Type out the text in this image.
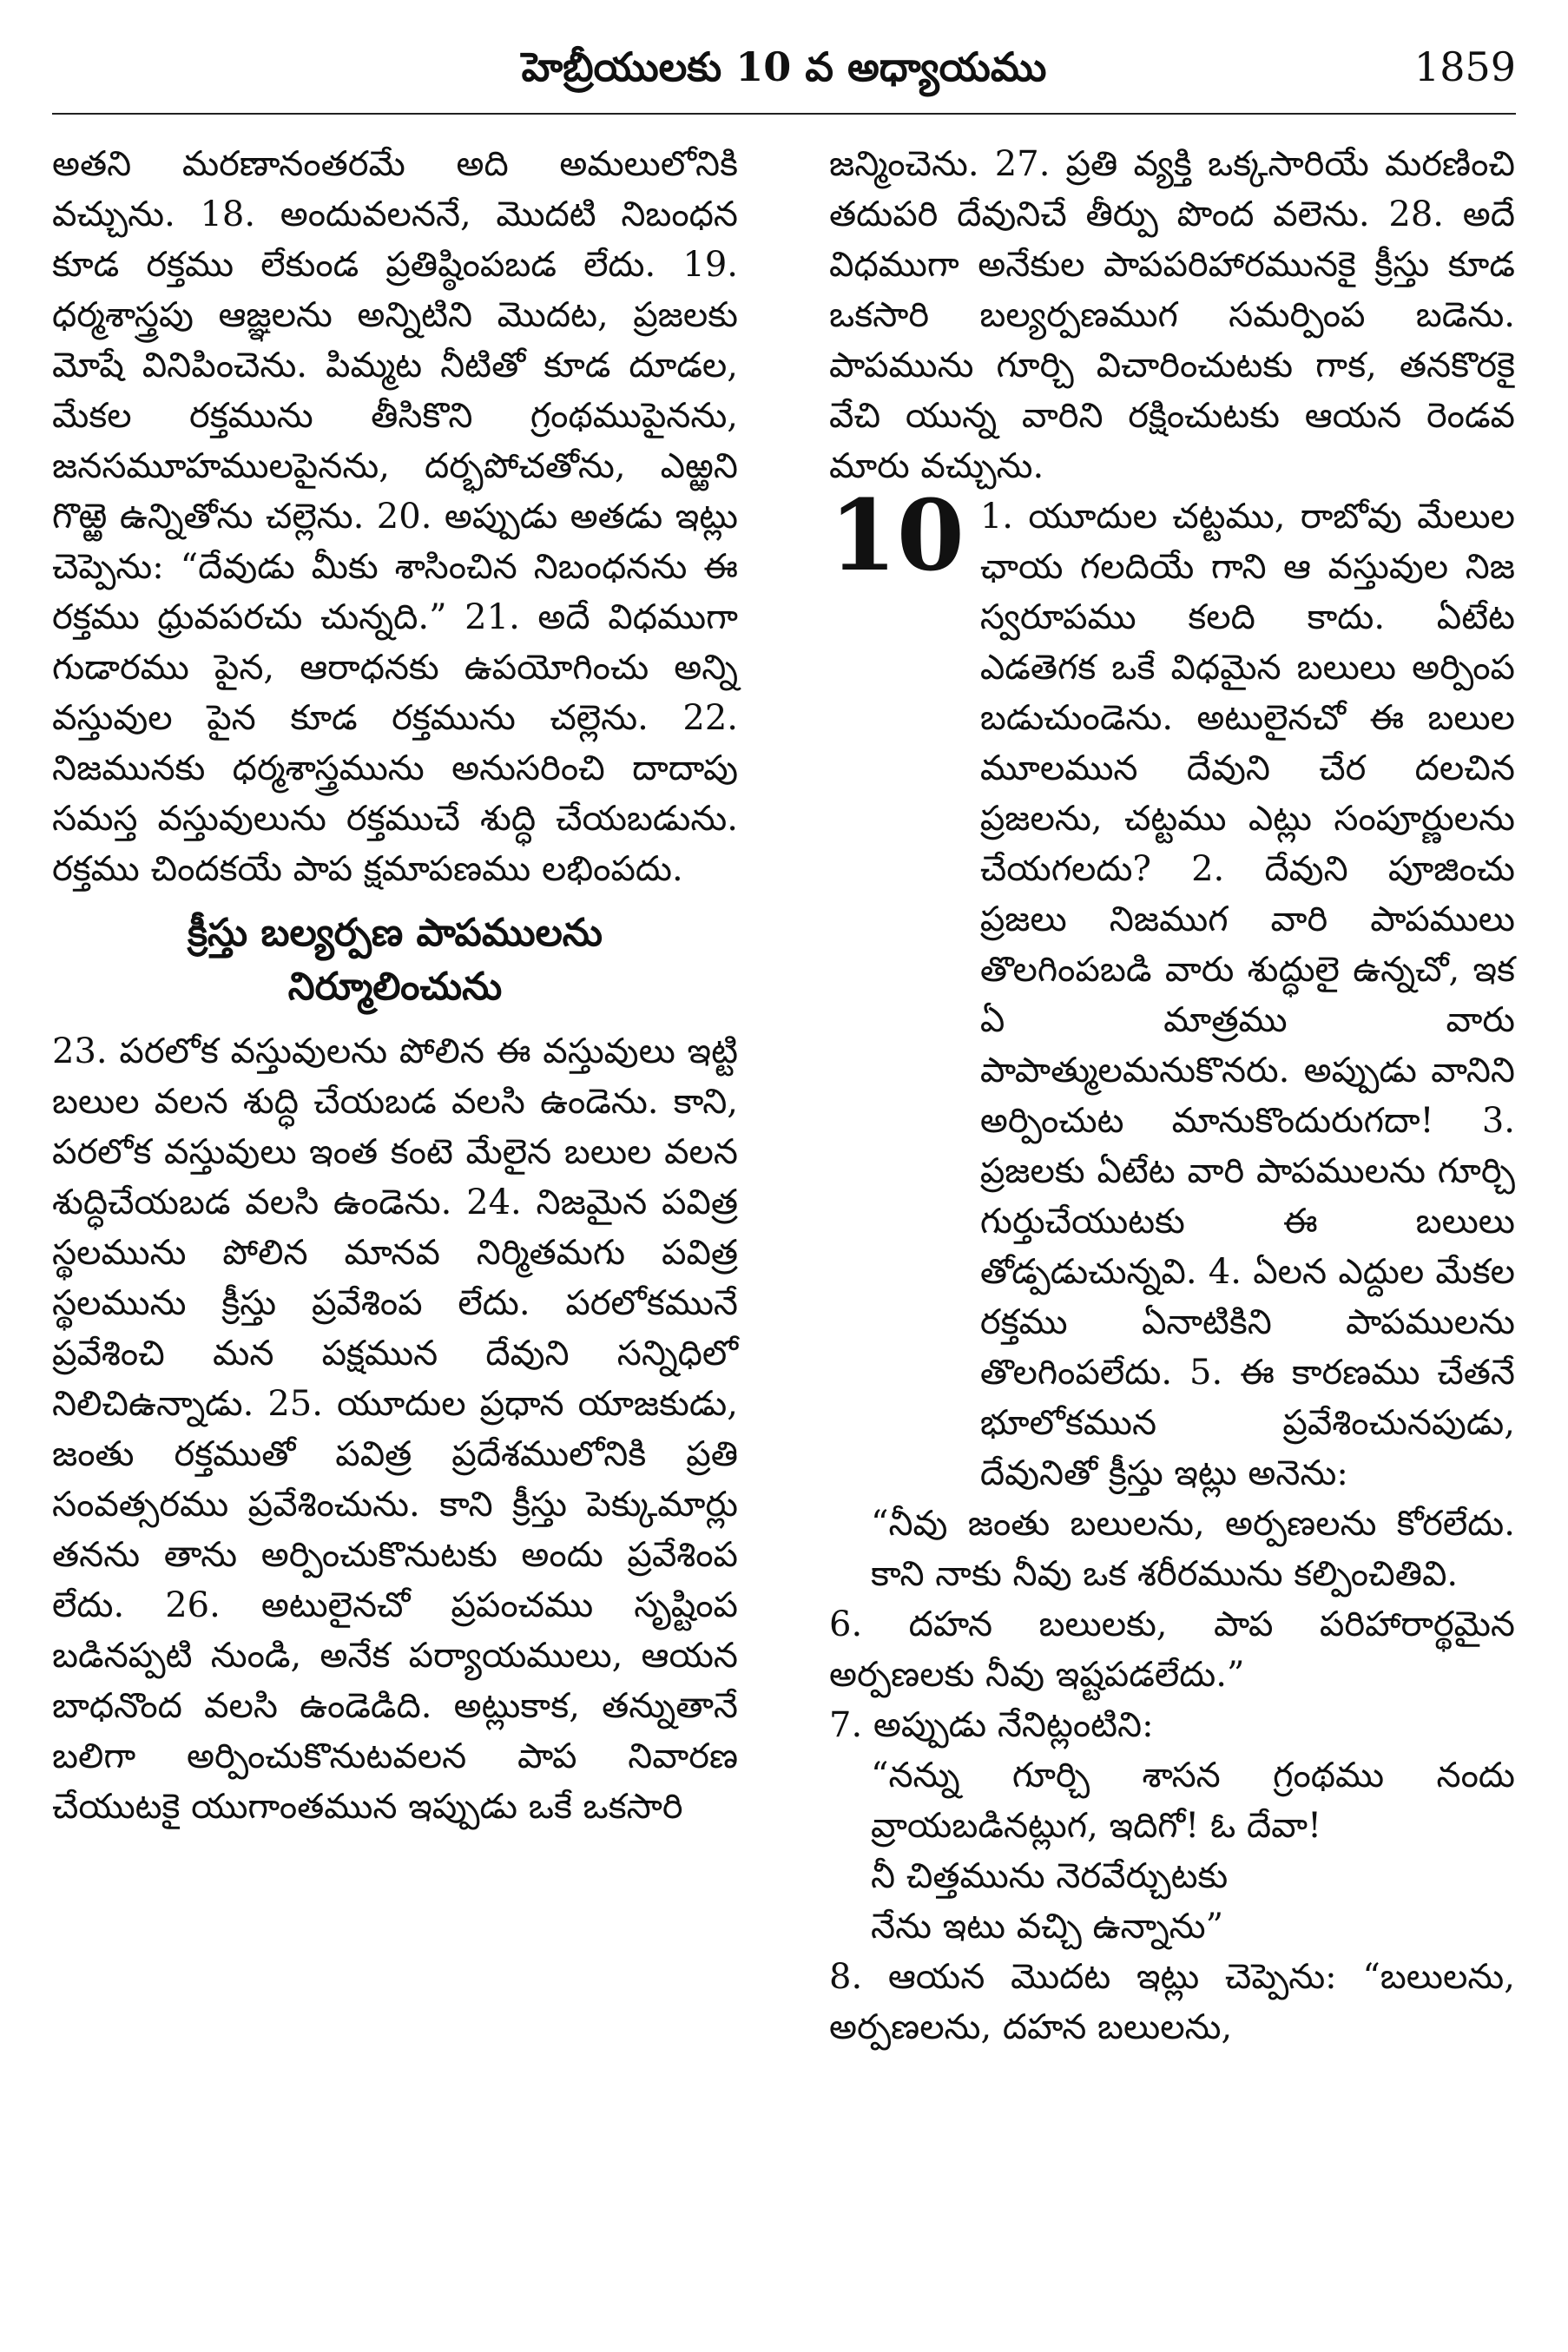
హెబ్రీయులకు 10 వ అధ్యాయము	1859

అతని మరణానంతరమే అది అమలులోనికి వచ్చును. 18. అందువలననే, మొదటి నిబంధన కూడ రక్తము లేకుండ ప్రతిష్ఠింపబడ లేదు. 19. ధర్మశాస్త్రపు ఆజ్ఞలను అన్నిటిని మొదట, ప్రజలకు మోషే వినిపించెను. పిమ్మట నీటితో కూడ దూడల, మేకల రక్తమును తీసికొని గ్రంథముపైనను, జనసమూహములపైనను, దర్భపోచతోను, ఎఱ్ఱని గొఱ్ఱె ఉన్నితోను చల్లెను. 20. అప్పుడు అతడు ఇట్లు చెప్పెను: “దేవుడు మీకు శాసించిన నిబంధనను ఈ రక్తము ధ్రువపరచు చున్నది.” 21. అదే విధముగా గుడారము పైన, ఆరాధనకు ఉపయోగించు అన్ని వస్తువుల పైన కూడ రక్తమును చల్లెను. 22. నిజమునకు ధర్మశాస్త్రమును అనుసరించి దాదాపు సమస్త వస్తువులును రక్తముచే శుద్ధి చేయబడును. రక్తము చిందకయే పాప క్షమాపణము లభింపదు.

క్రీస్తు బల్యర్పణ పాపములను
నిర్మూలించును

23. పరలోక వస్తువులను పోలిన ఈ వస్తువులు ఇట్టి బలుల వలన శుద్ధి చేయబడ వలసి ఉండెను. కాని, పరలోక వస్తువులు ఇంత కంటె మేలైన బలుల వలన శుద్ధిచేయబడ వలసి ఉండెను. 24. నిజమైన పవిత్ర స్థలమును పోలిన మానవ నిర్మితమగు పవిత్ర స్థలమును క్రీస్తు ప్రవేశింప లేదు. పరలోకమునే ప్రవేశించి మన పక్షమున దేవుని సన్నిధిలో నిలిచిఉన్నాడు. 25. యూదుల ప్రధాన యాజకుడు, జంతు రక్తముతో పవిత్ర ప్రదేశములోనికి ప్రతి సంవత్సరము ప్రవేశించును. కాని క్రీస్తు పెక్కుమార్లు తనను తాను అర్పించుకొనుటకు అందు ప్రవేశింప లేదు. 26. అటులైనచో ప్రపంచము సృష్టింప బడినప్పటి నుండి, అనేక పర్యాయములు, ఆయన బాధనొంద వలసి ఉండెడిది. అట్లుకాక, తన్నుతానే బలిగా అర్పించుకొనుటవలన పాప నివారణ చేయుటకై యుగాంతమున ఇప్పుడు ఒకే ఒకసారి

జన్మించెను. 27. ప్రతి వ్యక్తి ఒక్కసారియే మరణించి తదుపరి దేవునిచే తీర్పు పొంద వలెను. 28. అదే విధముగా అనేకుల పాపపరిహారమునకై క్రీస్తు కూడ ఒకసారి బల్యర్పణముగ సమర్పింప బడెను. పాపమును గూర్చి విచారించుటకు గాక, తనకొరకై వేచి యున్న వారిని రక్షించుటకు ఆయన రెండవ మారు వచ్చును.

10 1. యూదుల చట్టము, రాబోవు మేలుల ఛాయ గలదియే గాని ఆ వస్తువుల నిజ స్వరూపము కలది కాదు. ఏటేట ఎడతెగక ఒకే విధమైన బలులు అర్పింప బడుచుండెను. అటులైనచో ఈ బలుల మూలమున దేవుని చేర దలచిన ప్రజలను, చట్టము ఎట్లు సంపూర్ణులను చేయగలదు? 2. దేవుని పూజించు ప్రజలు నిజముగ వారి పాపములు తొలగింపబడి వారు శుద్ధులై ఉన్నచో, ఇక ఏ మాత్రము వారు పాపాత్ములమనుకొనరు. అప్పుడు వానిని అర్పించుట మానుకొందురుగదా! 3. ప్రజలకు ఏటేట వారి పాపములను గూర్చి గుర్తుచేయుటకు ఈ బలులు తోడ్పడుచున్నవి. 4. ఏలన ఎద్దుల మేకల రక్తము ఏనాటికిని పాపములను తొలగింపలేదు. 5. ఈ కారణము చేతనే భూలోకమున ప్రవేశించునపుడు, దేవునితో క్రీస్తు ఇట్లు అనెను:

“నీవు జంతు బలులను, అర్పణలను కోరలేదు. కాని నాకు నీవు ఒక శరీరమును కల్పించితివి.

6. దహన బలులకు, పాప పరిహారార్థమైన అర్పణలకు నీవు ఇష్టపడలేదు.”

7. అప్పుడు నేనిట్లంటిని:

“నన్ను గూర్చి శాసన గ్రంథము నందు వ్రాయబడినట్లుగ, ఇదిగో! ఓ దేవా!

నీ చిత్తమును నెరవేర్చుటకు

నేను ఇటు వచ్చి ఉన్నాను”

8. ఆయన మొదట ఇట్లు చెప్పెను: “బలులను, అర్పణలను, దహన బలులను,
